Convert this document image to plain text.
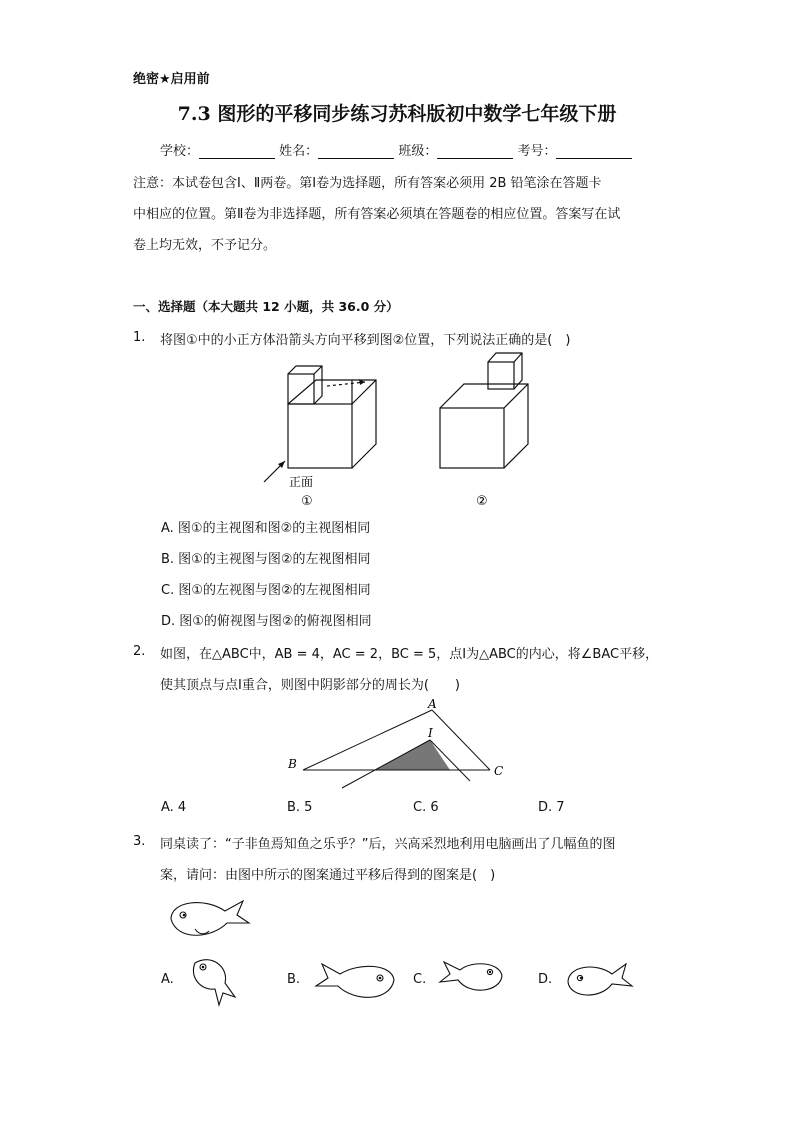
绝密★启用前
7.3 图形的平移同步练习苏科版初中数学七年级下册
学校：	姓名：	班级：	考号：
注意：本试卷包含Ⅰ、Ⅱ两卷。第Ⅰ卷为选择题，所有答案必须用 2B 铅笔涂在答题卡
中相应的位置。第Ⅱ卷为非选择题，所有答案必须填在答题卷的相应位置。答案写在试
卷上均无效，不予记分。
一、选择题（本大题共 12 小题，共 36.0 分）
1. 将图①中的小正方体沿箭头方向平移到图②位置，下列说法正确的是(　)
正面
①	②
A. 图①的主视图和图②的主视图相同
B. 图①的主视图与图②的左视图相同
C. 图①的左视图与图②的左视图相同
D. 图①的俯视图与图②的俯视图相同
2. 如图，在△ABC中，AB = 4，AC = 2，BC = 5，点I为△ABC的内心，将∠BAC平移，
使其顶点与点I重合，则图中阴影部分的周长为(　　)
A
B	C
I
A. 4	B. 5	C. 6	D. 7
3. 同桌读了：“子非鱼焉知鱼之乐乎？”后，兴高采烈地利用电脑画出了几幅鱼的图
案，请问：由图中所示的图案通过平移后得到的图案是(　)
A.	B.	C.	D.
